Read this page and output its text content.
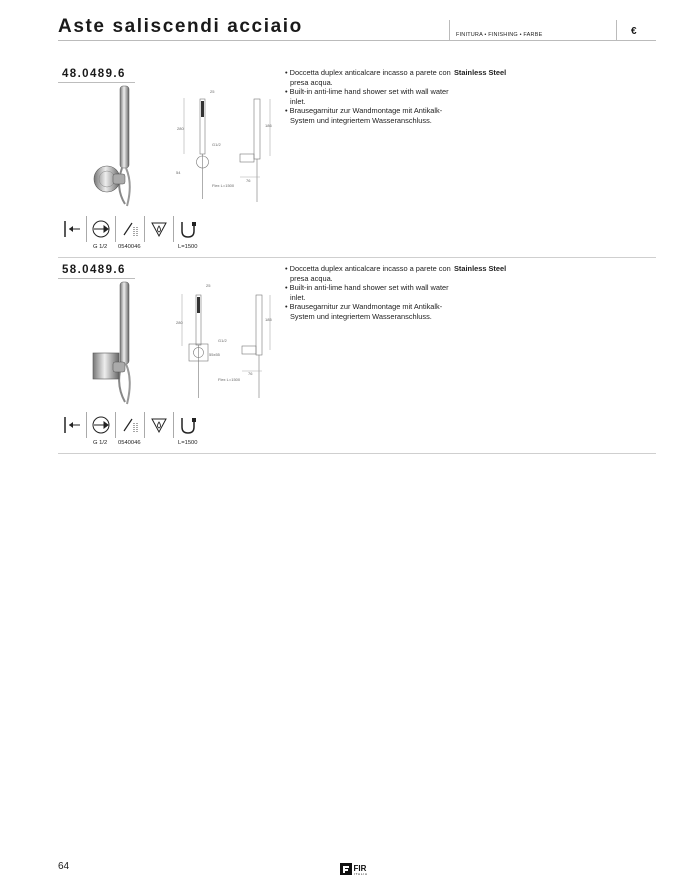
Aste saliscendi acciaio	FINITURA • FINISHING • FARBE	€
48.0489.6
25
280
186
G1/2
54
76
Flex L=1500

• Doccetta duplex anticalcare incasso a parete con presa acqua.

• Built-in anti-lime hand shower set with wall water inlet.

• Brausegarnitur zur Wandmontage mit Antikalk-System und integriertem Wasseranschluss.

Stainless Steel
G 1/2 0540046	L=1500
58.0489.6
25
280
185
G1/2
55x55
76
Flex L=1500

• Doccetta duplex anticalcare incasso a parete con presa acqua.

• Built-in anti-lime hand shower set with wall water inlet.

• Brausegarnitur zur Wandmontage mit Antikalk-System und integriertem Wasseranschluss.

Stainless Steel
G 1/2 0540046	L=1500
64	FIR
ITALIA
